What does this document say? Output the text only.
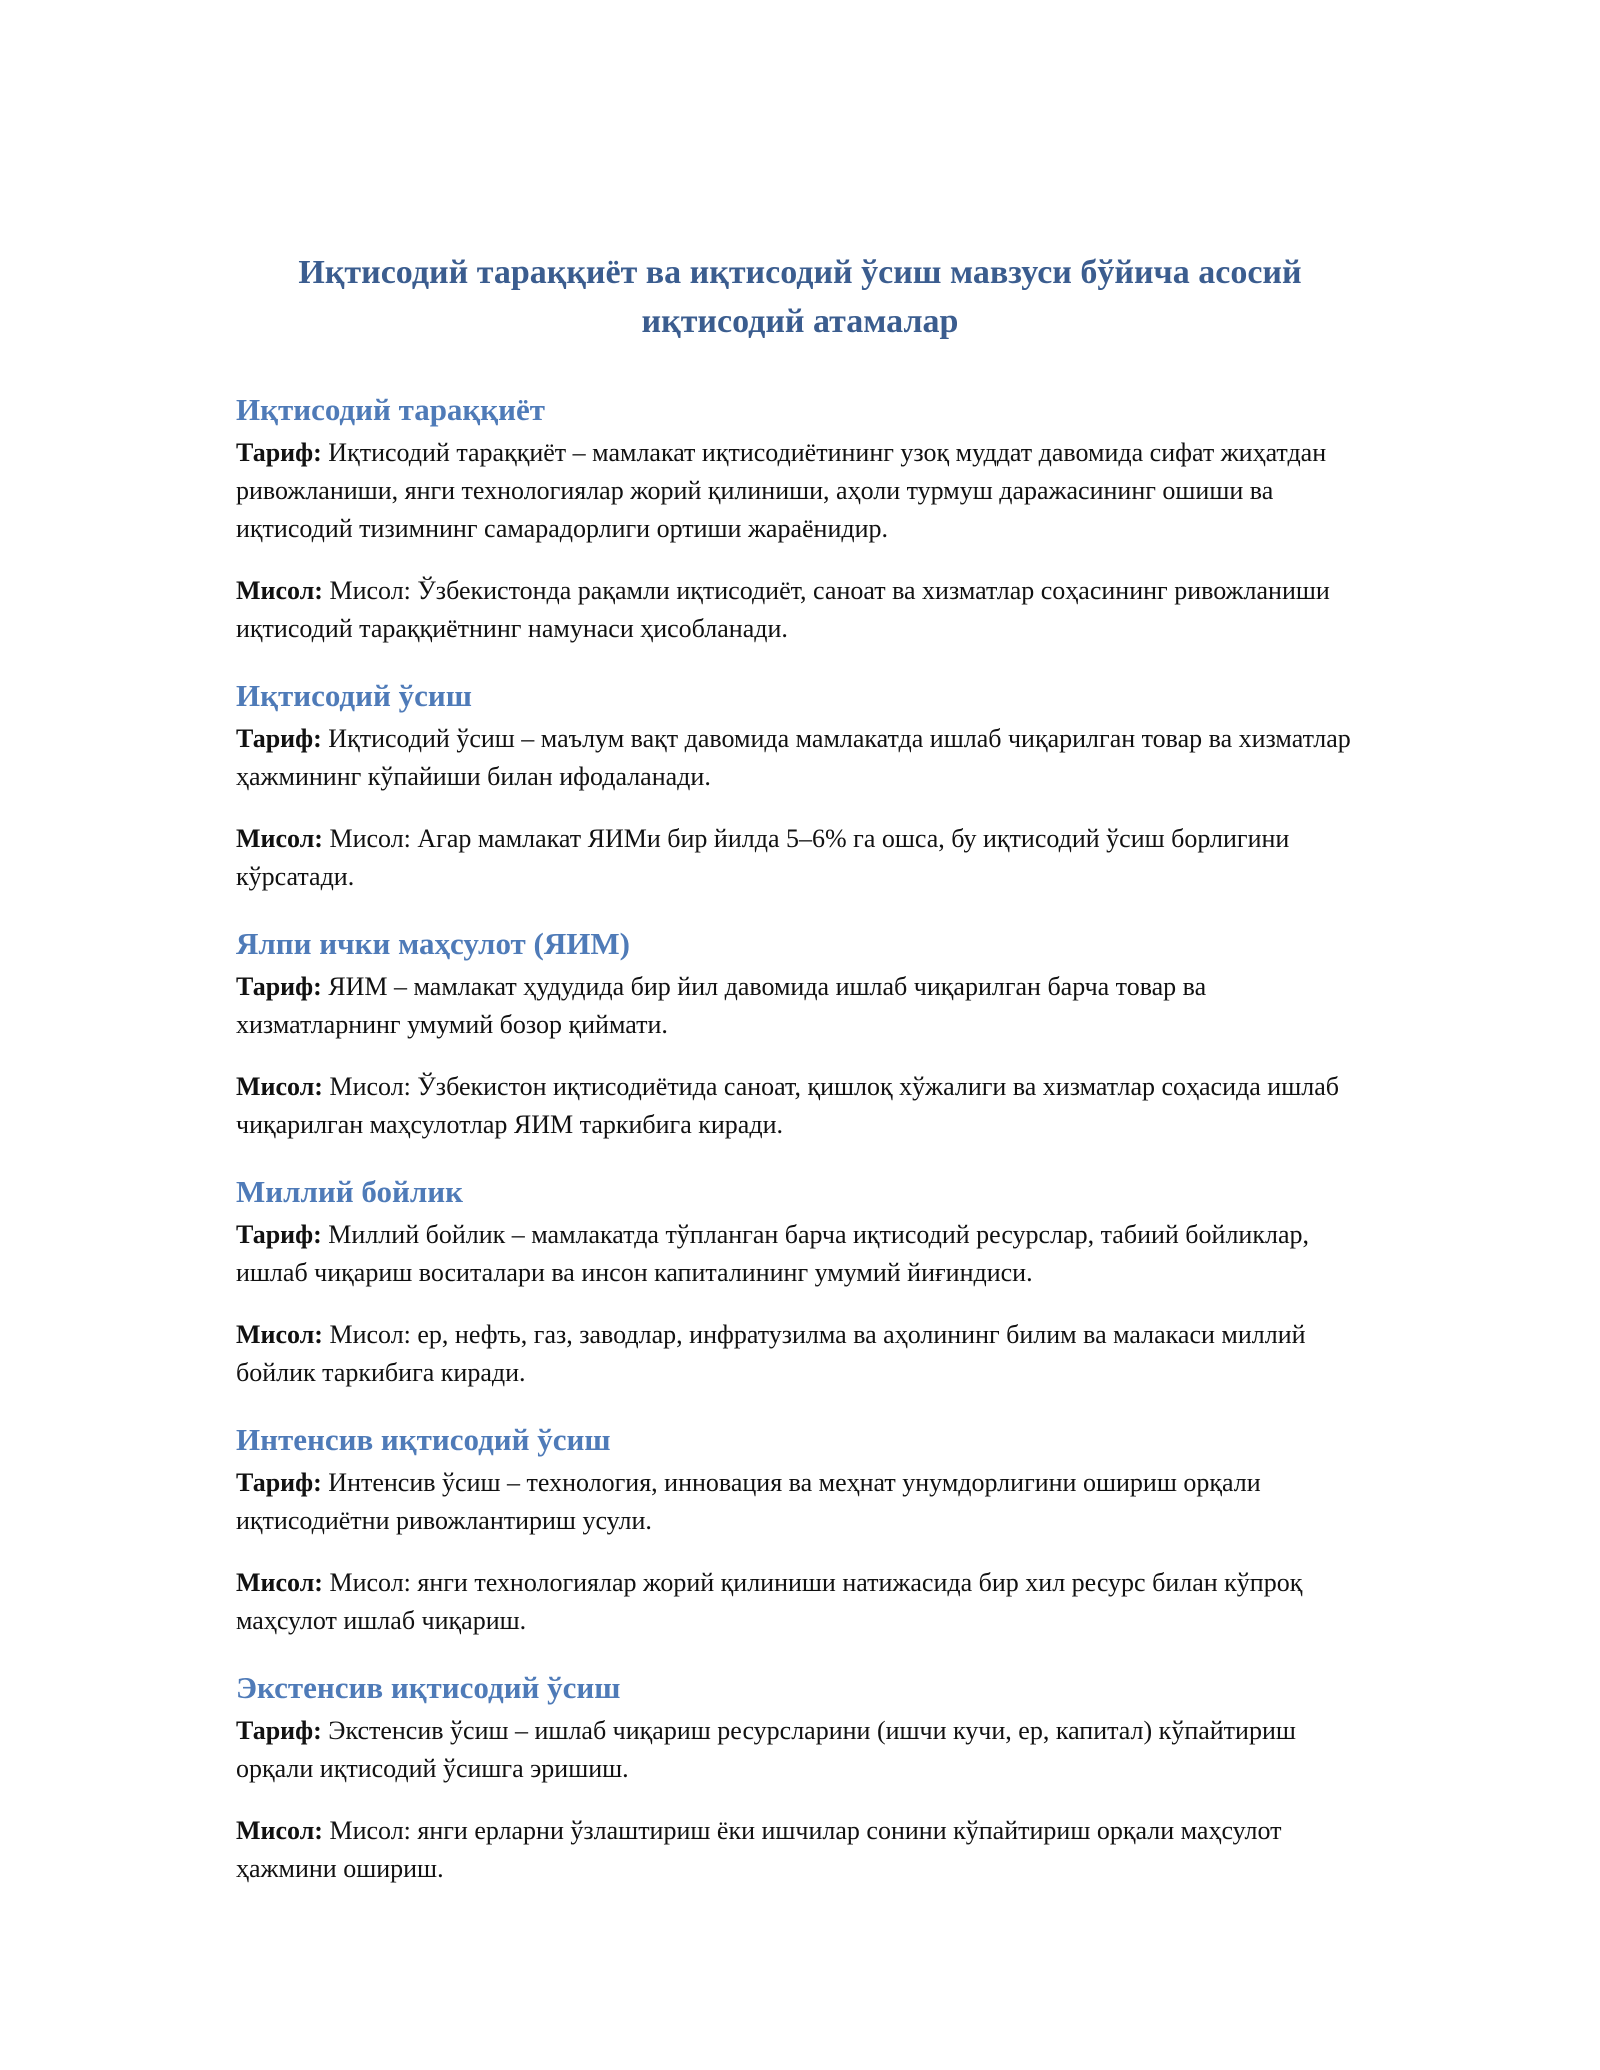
Иқтисодий тараққиёт ва иқтисодий ўсиш мавзуси бўйича асосий иқтисодий атамалар
Иқтисодий тараққиёт

Тариф: Иқтисодий тараққиёт – мамлакат иқтисодиётининг узоқ муддат давомида сифат жиҳатдан ривожланиши, янги технологиялар жорий қилиниши, аҳоли турмуш даражасининг ошиши ва иқтисодий тизимнинг самарадорлиги ортиши жараёнидир.

Мисол: Мисол: Ўзбекистонда рақамли иқтисодиёт, саноат ва хизматлар соҳасининг ривожланиши иқтисодий тараққиётнинг намунаси ҳисобланади.

Иқтисодий ўсиш

Тариф: Иқтисодий ўсиш – маълум вақт давомида мамлакатда ишлаб чиқарилган товар ва хизматлар ҳажмининг кўпайиши билан ифодаланади.

Мисол: Мисол: Агар мамлакат ЯИМи бир йилда 5–6% га ошса, бу иқтисодий ўсиш борлигини кўрсатади.

Ялпи ички маҳсулот (ЯИМ)

Тариф: ЯИМ – мамлакат ҳудудида бир йил давомида ишлаб чиқарилган барча товар ва хизматларнинг умумий бозор қиймати.

Мисол: Мисол: Ўзбекистон иқтисодиётида саноат, қишлоқ хўжалиги ва хизматлар соҳасида ишлаб чиқарилган маҳсулотлар ЯИМ таркибига киради.

Миллий бойлик

Тариф: Миллий бойлик – мамлакатда тўпланган барча иқтисодий ресурслар, табиий бойликлар, ишлаб чиқариш воситалари ва инсон капиталининг умумий йиғиндиси.

Мисол: Мисол: ер, нефть, газ, заводлар, инфратузилма ва аҳолининг билим ва малакаси миллий бойлик таркибига киради.

Интенсив иқтисодий ўсиш

Тариф: Интенсив ўсиш – технология, инновация ва меҳнат унумдорлигини ошириш орқали иқтисодиётни ривожлантириш усули.

Мисол: Мисол: янги технологиялар жорий қилиниши натижасида бир хил ресурс билан кўпроқ маҳсулот ишлаб чиқариш.

Экстенсив иқтисодий ўсиш

Тариф: Экстенсив ўсиш – ишлаб чиқариш ресурсларини (ишчи кучи, ер, капитал) кўпайтириш орқали иқтисодий ўсишга эришиш.

Мисол: Мисол: янги ерларни ўзлаштириш ёки ишчилар сонини кўпайтириш орқали маҳсулот ҳажмини ошириш.
